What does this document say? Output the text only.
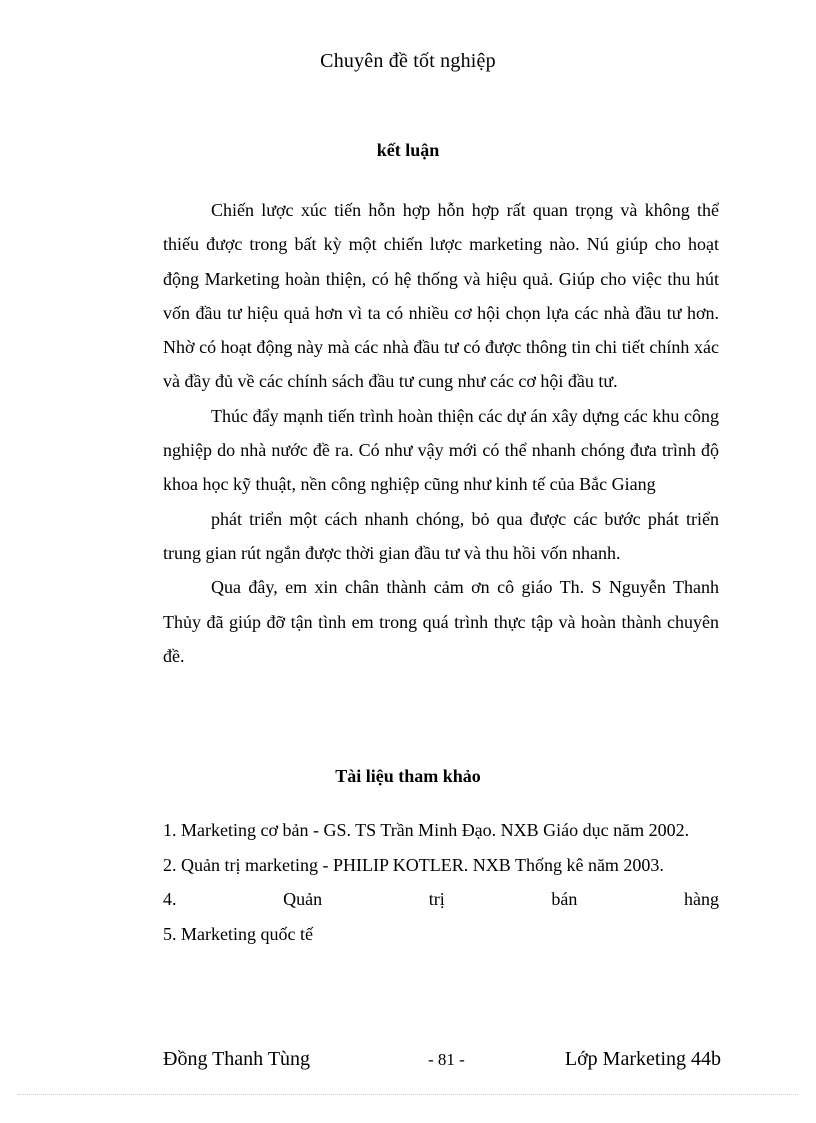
Chuyên đề tốt nghiệp
kết luận

Chiến lược xúc tiến hỗn hợp hỗn hợp rất quan trọng và không thể thiếu được trong bất kỳ một chiến lược marketing nào. Nú giúp cho hoạt động Marketing hoàn thiện, có hệ thống và hiệu quả. Giúp cho việc thu hút vốn đầu tư hiệu quả hơn vì ta có nhiều cơ hội chọn lựa các nhà đầu tư hơn. Nhờ có hoạt động này mà các nhà đầu tư có được thông tin chi tiết chính xác và đầy đủ về các chính sách đầu tư cung như các cơ hội đầu tư.

Thúc đẩy mạnh tiến trình hoàn thiện các dự án xây dựng các khu công nghiệp do nhà nước đề ra. Có như vậy mới có thể nhanh chóng đưa trình độ khoa học kỹ thuật, nền công nghiệp cũng như kinh tế của Bắc Giang

phát triển một cách nhanh chóng, bỏ qua được các bước phát triển trung gian rút ngắn được thời gian đầu tư và thu hồi vốn nhanh.

Qua đây, em xin chân thành cảm ơn cô giáo Th. S Nguyễn Thanh Thủy đã giúp đỡ tận tình em trong quá trình thực tập và hoàn thành chuyên đề.

Tài liệu tham khảo
1. Marketing cơ bản - GS. TS Trần Minh Đạo. NXB Giáo dục năm 2002.
2. Quản trị marketing - PHILIP KOTLER. NXB Thống kê năm 2003.
4.	Quản	trị	bán	hàng
5. Marketing quốc tế
Đồng Thanh Tùng	- 81 -	Lớp Marketing 44b
